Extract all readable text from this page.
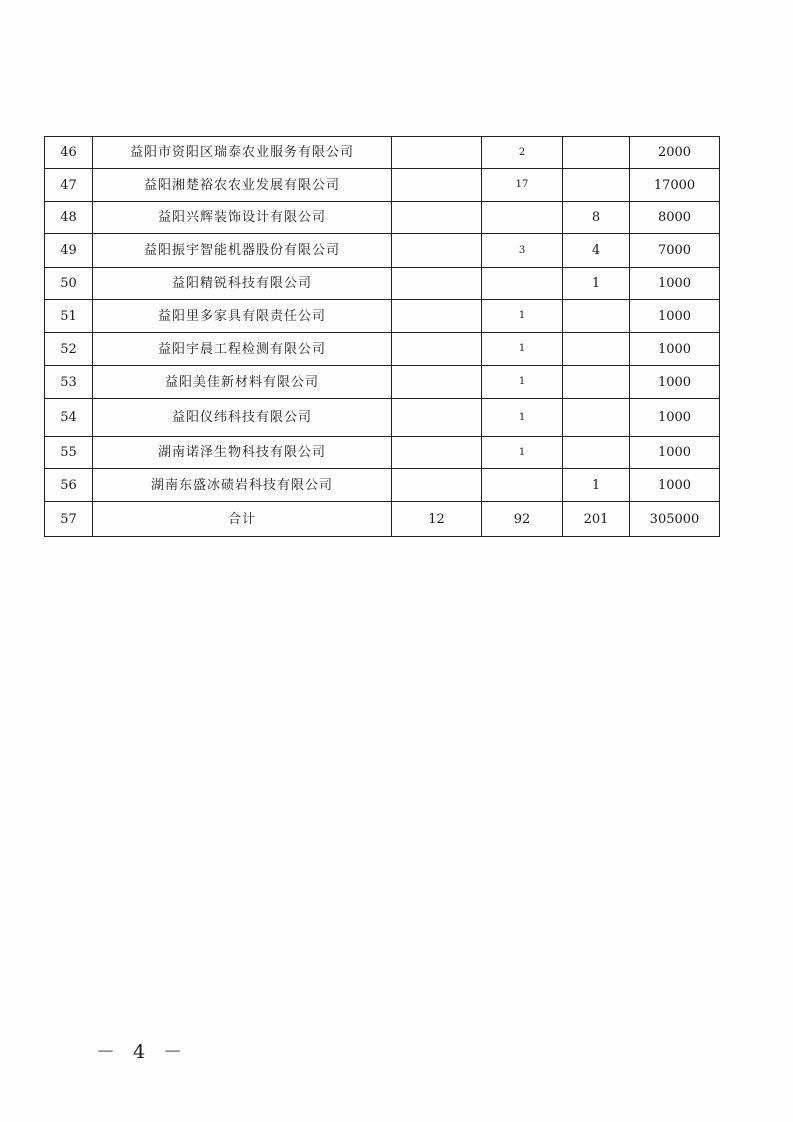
46	益阳市资阳区瑞泰农业服务有限公司		2		2000
47	益阳湘楚裕农农业发展有限公司		17		17000
48	益阳兴辉装饰设计有限公司			8	8000
49	益阳振宇智能机器股份有限公司		3	4	7000
50	益阳精锐科技有限公司			1	1000
51	益阳里多家具有限责任公司		1		1000
52	益阳宇晨工程检测有限公司		1		1000
53	益阳美佳新材料有限公司		1		1000
54	益阳仪纬科技有限公司		1		1000
55	湖南诺泽生物科技有限公司		1		1000
56	湖南东盛冰碛岩科技有限公司			1	1000
57	合计	12	92	201	305000
－ 4 －
